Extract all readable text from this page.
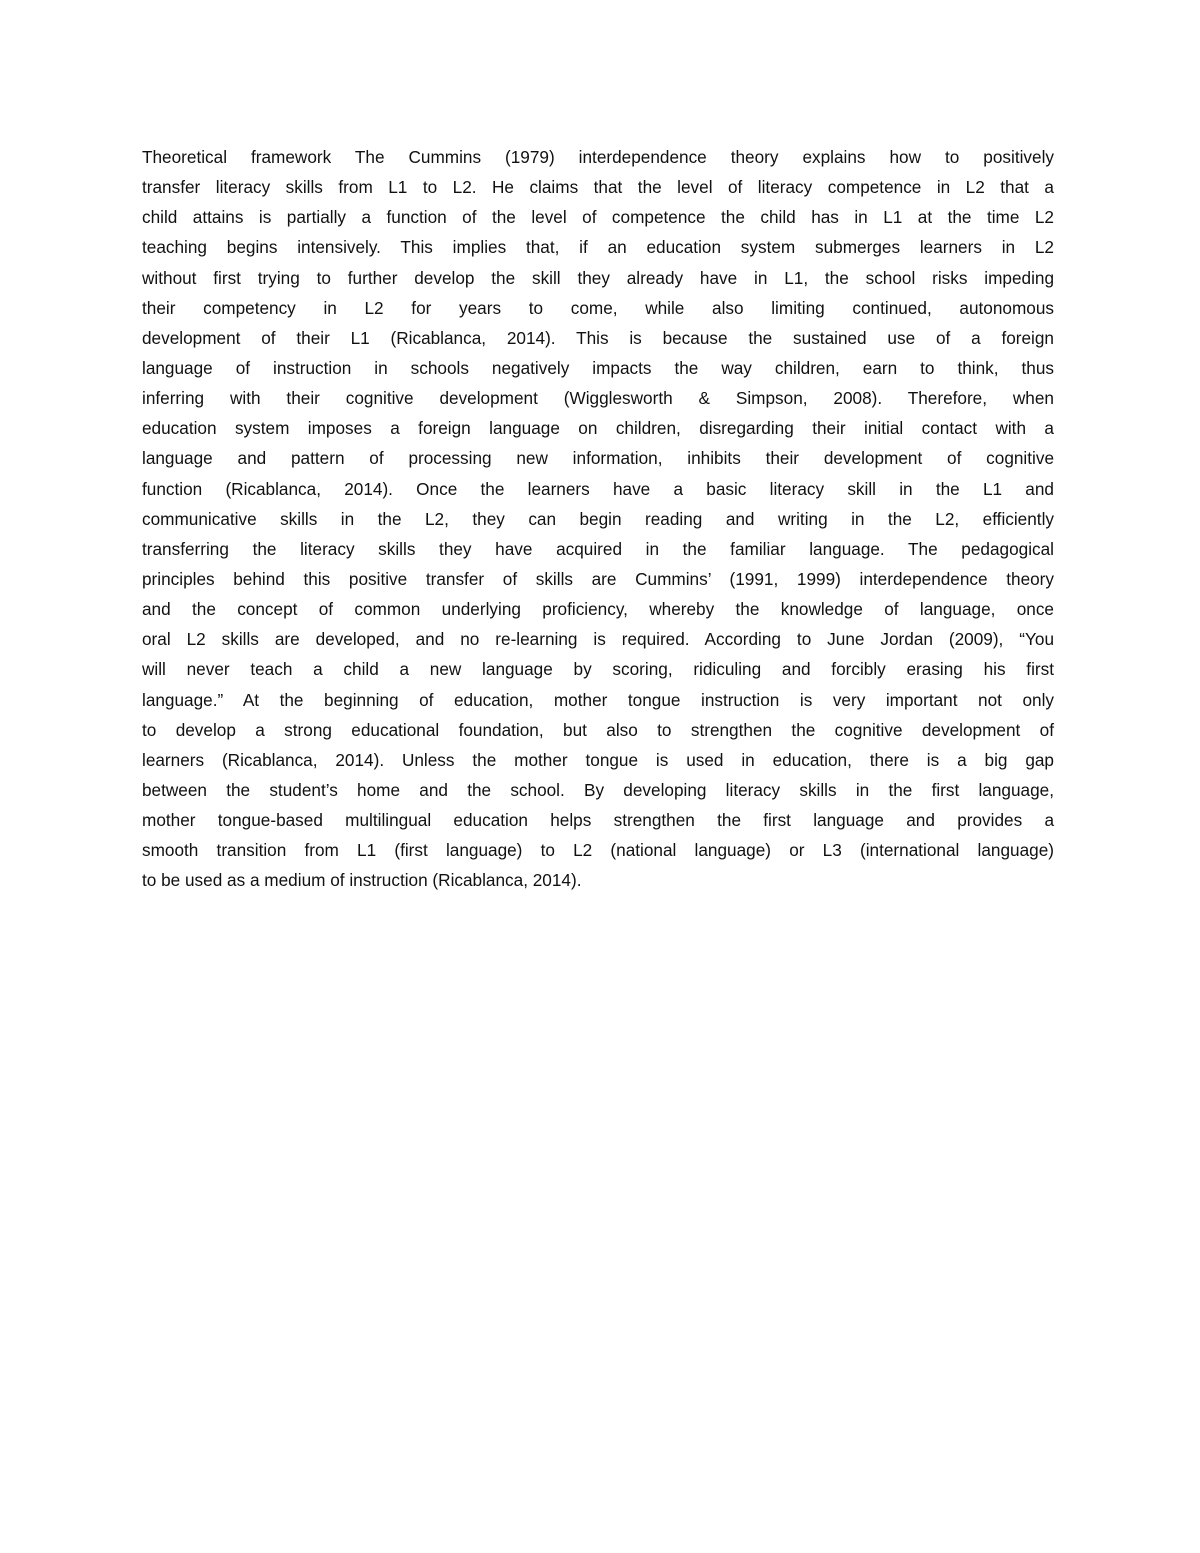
Theoretical framework The Cummins (1979) interdependence theory explains how to positively
transfer literacy skills from L1 to L2. He claims that the level of literacy competence in L2 that a
child attains is partially a function of the level of competence the child has in L1 at the time L2
teaching begins intensively. This implies that, if an education system submerges learners in L2
without first trying to further develop the skill they already have in L1, the school risks impeding
their competency in L2 for years to come, while also limiting continued, autonomous
development of their L1 (Ricablanca, 2014). This is because the sustained use of a foreign
language of instruction in schools negatively impacts the way children, earn to think, thus
inferring with their cognitive development (Wigglesworth & Simpson, 2008). Therefore, when
education system imposes a foreign language on children, disregarding their initial contact with a
language and pattern of processing new information, inhibits their development of cognitive
function (Ricablanca, 2014). Once the learners have a basic literacy skill in the L1 and
communicative skills in the L2, they can begin reading and writing in the L2, efficiently
transferring the literacy skills they have acquired in the familiar language. The pedagogical
principles behind this positive transfer of skills are Cummins’ (1991, 1999) interdependence theory
and the concept of common underlying proficiency, whereby the knowledge of language, once
oral L2 skills are developed, and no re-learning is required. According to June Jordan (2009), “You
will never teach a child a new language by scoring, ridiculing and forcibly erasing his first
language.” At the beginning of education, mother tongue instruction is very important not only
to develop a strong educational foundation, but also to strengthen the cognitive development of
learners (Ricablanca, 2014). Unless the mother tongue is used in education, there is a big gap
between the student’s home and the school. By developing literacy skills in the first language,
mother tongue-based multilingual education helps strengthen the first language and provides a
smooth transition from L1 (first language) to L2 (national language) or L3 (international language)
to be used as a medium of instruction (Ricablanca, 2014).
